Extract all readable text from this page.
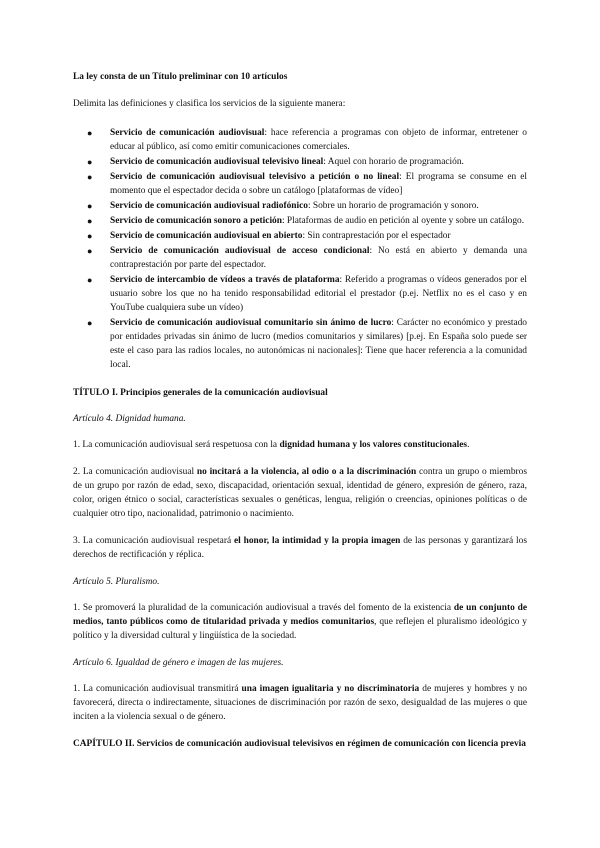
La ley consta de un Título preliminar con 10 artículos

Delimita las definiciones y clasifica los servicios de la siguiente manera:

● Servicio de comunicación audiovisual: hace referencia a programas con objeto de informar, entretener o educar al público, así como emitir comunicaciones comerciales.
● Servicio de comunicación audiovisual televisivo lineal: Aquel con horario de programación.
● Servicio de comunicación audiovisual televisivo a petición o no lineal: El programa se consume en el momento que el espectador decida o sobre un catálogo [plataformas de vídeo]
● Servicio de comunicación audiovisual radiofónico: Sobre un horario de programación y sonoro.
● Servicio de comunicación sonoro a petición: Plataformas de audio en petición al oyente y sobre un catálogo.
● Servicio de comunicación audiovisual en abierto: Sin contraprestación por el espectador
● Servicio de comunicación audiovisual de acceso condicional: No está en abierto y demanda una contraprestación por parte del espectador.
● Servicio de intercambio de vídeos a través de plataforma: Referido a programas o vídeos generados por el usuario sobre los que no ha tenido responsabilidad editorial el prestador (p.ej. Netflix no es el caso y en YouTube cualquiera sube un vídeo)
● Servicio de comunicación audiovisual comunitario sin ánimo de lucro: Carácter no económico y prestado por entidades privadas sin ánimo de lucro (medios comunitarios y similares) [p.ej. En España solo puede ser este el caso para las radios locales, no autonómicas ni nacionales]: Tiene que hacer referencia a la comunidad local.

TÍTULO I. Principios generales de la comunicación audiovisual

Artículo 4. Dignidad humana.

1. La comunicación audiovisual será respetuosa con la dignidad humana y los valores constitucionales.

2. La comunicación audiovisual no incitará a la violencia, al odio o a la discriminación contra un grupo o miembros de un grupo por razón de edad, sexo, discapacidad, orientación sexual, identidad de género, expresión de género, raza, color, origen étnico o social, características sexuales o genéticas, lengua, religión o creencias, opiniones políticas o de cualquier otro tipo, nacionalidad, patrimonio o nacimiento.

3. La comunicación audiovisual respetará el honor, la intimidad y la propia imagen de las personas y garantizará los derechos de rectificación y réplica.

Artículo 5. Pluralismo.

1. Se promoverá la pluralidad de la comunicación audiovisual a través del fomento de la existencia de un conjunto de medios, tanto públicos como de titularidad privada y medios comunitarios, que reflejen el pluralismo ideológico y político y la diversidad cultural y lingüística de la sociedad.

Artículo 6. Igualdad de género e imagen de las mujeres.

1. La comunicación audiovisual transmitirá una imagen igualitaria y no discriminatoria de mujeres y hombres y no favorecerá, directa o indirectamente, situaciones de discriminación por razón de sexo, desigualdad de las mujeres o que inciten a la violencia sexual o de género.

CAPÍTULO II. Servicios de comunicación audiovisual televisivos en régimen de comunicación con licencia previa
